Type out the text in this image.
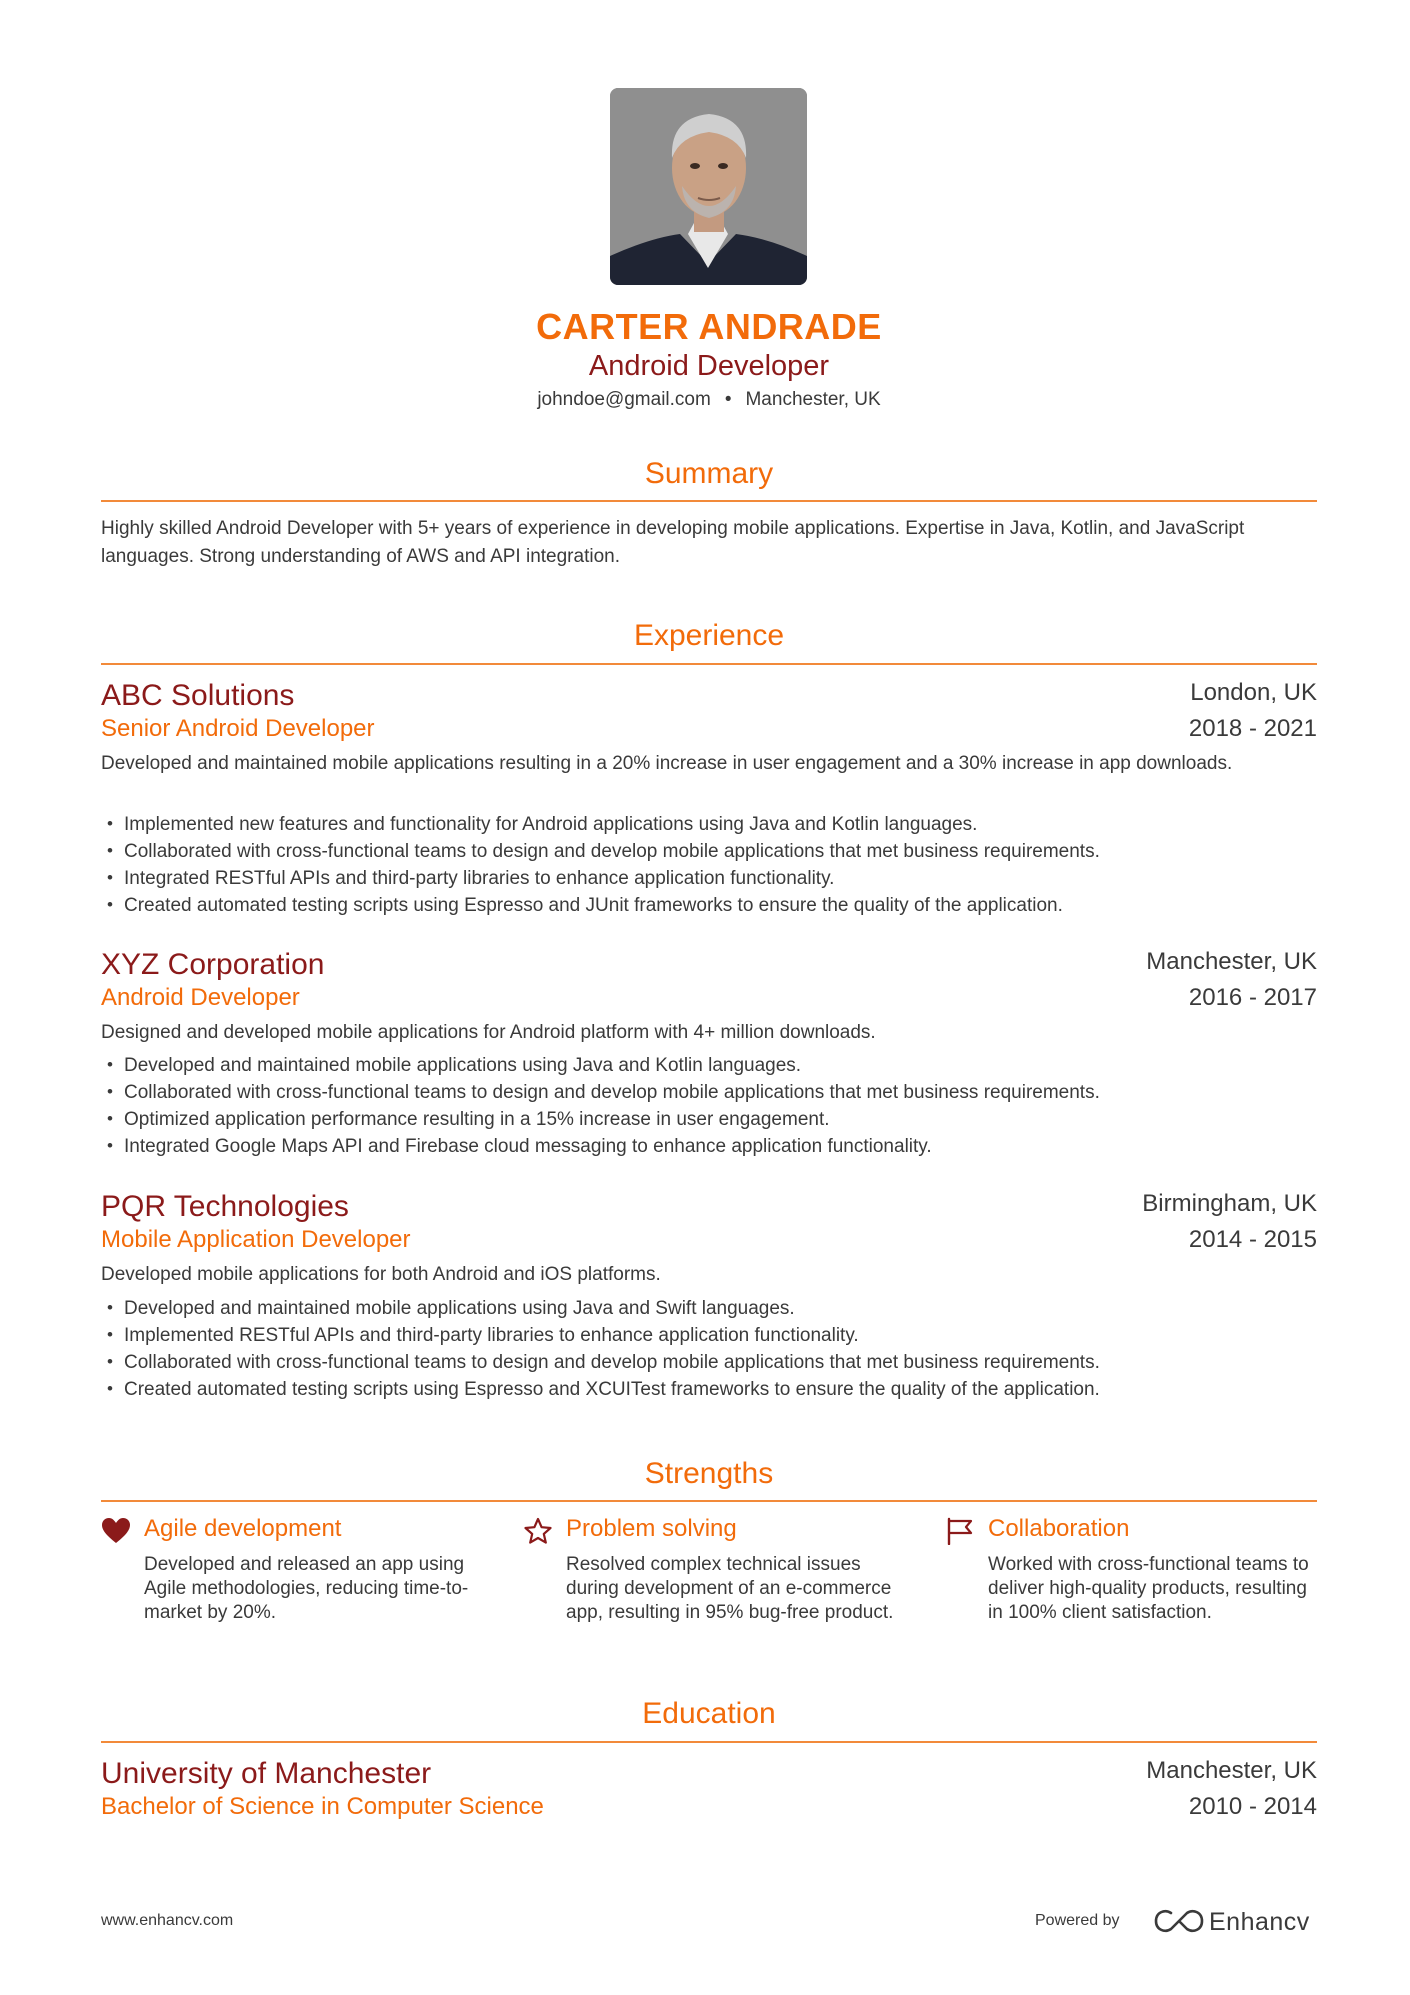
CARTER ANDRADE
Android Developer
johndoe@gmail.com • Manchester, UK
Summary
Highly skilled Android Developer with 5+ years of experience in developing mobile applications. Expertise in Java, Kotlin, and JavaScript languages. Strong understanding of AWS and API integration.
Experience
ABC Solutions	London, UK
Senior Android Developer	2018 - 2021
Developed and maintained mobile applications resulting in a 20% increase in user engagement and a 30% increase in app downloads.
• Implemented new features and functionality for Android applications using Java and Kotlin languages.
• Collaborated with cross-functional teams to design and develop mobile applications that met business requirements.
• Integrated RESTful APIs and third-party libraries to enhance application functionality.
• Created automated testing scripts using Espresso and JUnit frameworks to ensure the quality of the application.
XYZ Corporation	Manchester, UK
Android Developer	2016 - 2017
Designed and developed mobile applications for Android platform with 4+ million downloads.
• Developed and maintained mobile applications using Java and Kotlin languages.
• Collaborated with cross-functional teams to design and develop mobile applications that met business requirements.
• Optimized application performance resulting in a 15% increase in user engagement.
• Integrated Google Maps API and Firebase cloud messaging to enhance application functionality.
PQR Technologies	Birmingham, UK
Mobile Application Developer	2014 - 2015
Developed mobile applications for both Android and iOS platforms.
• Developed and maintained mobile applications using Java and Swift languages.
• Implemented RESTful APIs and third-party libraries to enhance application functionality.
• Collaborated with cross-functional teams to design and develop mobile applications that met business requirements.
• Created automated testing scripts using Espresso and XCUITest frameworks to ensure the quality of the application.
Strengths
Agile development
Developed and released an app using Agile methodologies, reducing time-to-market by 20%.
Problem solving
Resolved complex technical issues during development of an e-commerce app, resulting in 95% bug-free product.
Collaboration
Worked with cross-functional teams to deliver high-quality products, resulting in 100% client satisfaction.
Education
University of Manchester	Manchester, UK
Bachelor of Science in Computer Science	2010 - 2014
www.enhancv.com	Powered by	Enhancv
